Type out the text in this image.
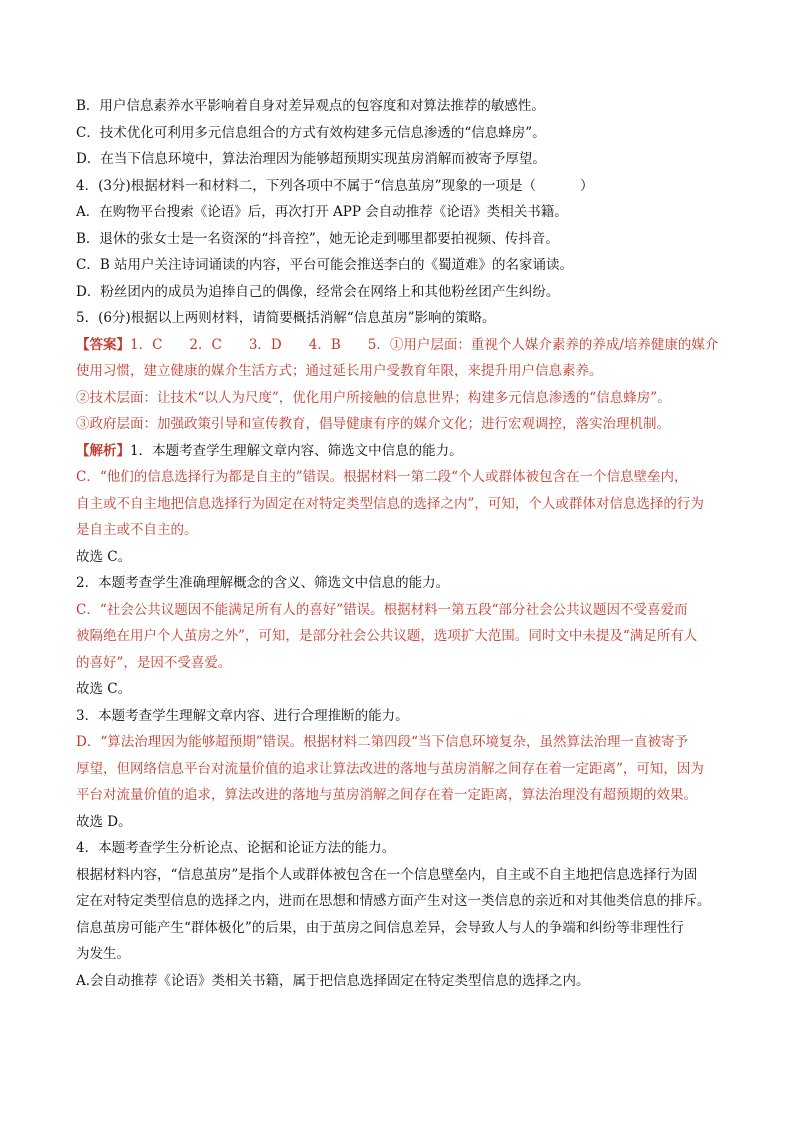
B．用户信息素养水平影响着自身对差异观点的包容度和对算法推荐的敏感性。
C．技术优化可利用多元信息组合的方式有效构建多元信息渗透的“信息蜂房”。
D．在当下信息环境中，算法治理因为能够超预期实现茧房消解而被寄予厚望。
4．(3分)根据材料一和材料二，下列各项中不属于“信息茧房”现象的一项是（	）
A．在购物平台搜索《论语》后，再次打开 APP 会自动推荐《论语》类相关书籍。
B．退休的张女士是一名资深的“抖音控”，她无论走到哪里都要拍视频、传抖音。
C．B 站用户关注诗词诵读的内容，平台可能会推送李白的《蜀道难》的名家诵读。
D．粉丝团内的成员为追捧自己的偶像，经常会在网络上和其他粉丝团产生纠纷。
5．(6分)根据以上两则材料，请简要概括消解“信息茧房”影响的策略。
【答案】1．C　　2．C　　3．D　　4．B　　5．①用户层面：重视个人媒介素养的养成/培养健康的媒介
使用习惯，建立健康的媒介生活方式；通过延长用户受教育年限，来提升用户信息素养。
②技术层面：让技术“以人为尺度”，优化用户所接触的信息世界；构建多元信息渗透的“信息蜂房”。
③政府层面：加强政策引导和宣传教育，倡导健康有序的媒介文化；进行宏观调控，落实治理机制。
【解析】1．本题考查学生理解文章内容、筛选文中信息的能力。
C．“他们的信息选择行为都是自主的”错误。根据材料一第二段“个人或群体被包含在一个信息壁垒内，
自主或不自主地把信息选择行为固定在对特定类型信息的选择之内”，可知，个人或群体对信息选择的行为
是自主或不自主的。
故选 C。
2．本题考查学生准确理解概念的含义、筛选文中信息的能力。
C．“社会公共议题因不能满足所有人的喜好”错误。根据材料一第五段“部分社会公共议题因不受喜爱而
被隔绝在用户个人茧房之外”，可知，是部分社会公共议题，选项扩大范围。同时文中未提及“满足所有人
的喜好”，是因不受喜爱。
故选 C。
3．本题考查学生理解文章内容、进行合理推断的能力。
D．“算法治理因为能够超预期”错误。根据材料二第四段“当下信息环境复杂，虽然算法治理一直被寄予
厚望，但网络信息平台对流量价值的追求让算法改进的落地与茧房消解之间存在着一定距离”，可知，因为
平台对流量价值的追求，算法改进的落地与茧房消解之间存在着一定距离，算法治理没有超预期的效果。
故选 D。
4．本题考查学生分析论点、论据和论证方法的能力。
根据材料内容，“信息茧房”是指个人或群体被包含在一个信息壁垒内，自主或不自主地把信息选择行为固
定在对特定类型信息的选择之内，进而在思想和情感方面产生对这一类信息的亲近和对其他类信息的排斥。
信息茧房可能产生“群体极化”的后果，由于茧房之间信息差异，会导致人与人的争端和纠纷等非理性行
为发生。
A.会自动推荐《论语》类相关书籍，属于把信息选择固定在特定类型信息的选择之内。
